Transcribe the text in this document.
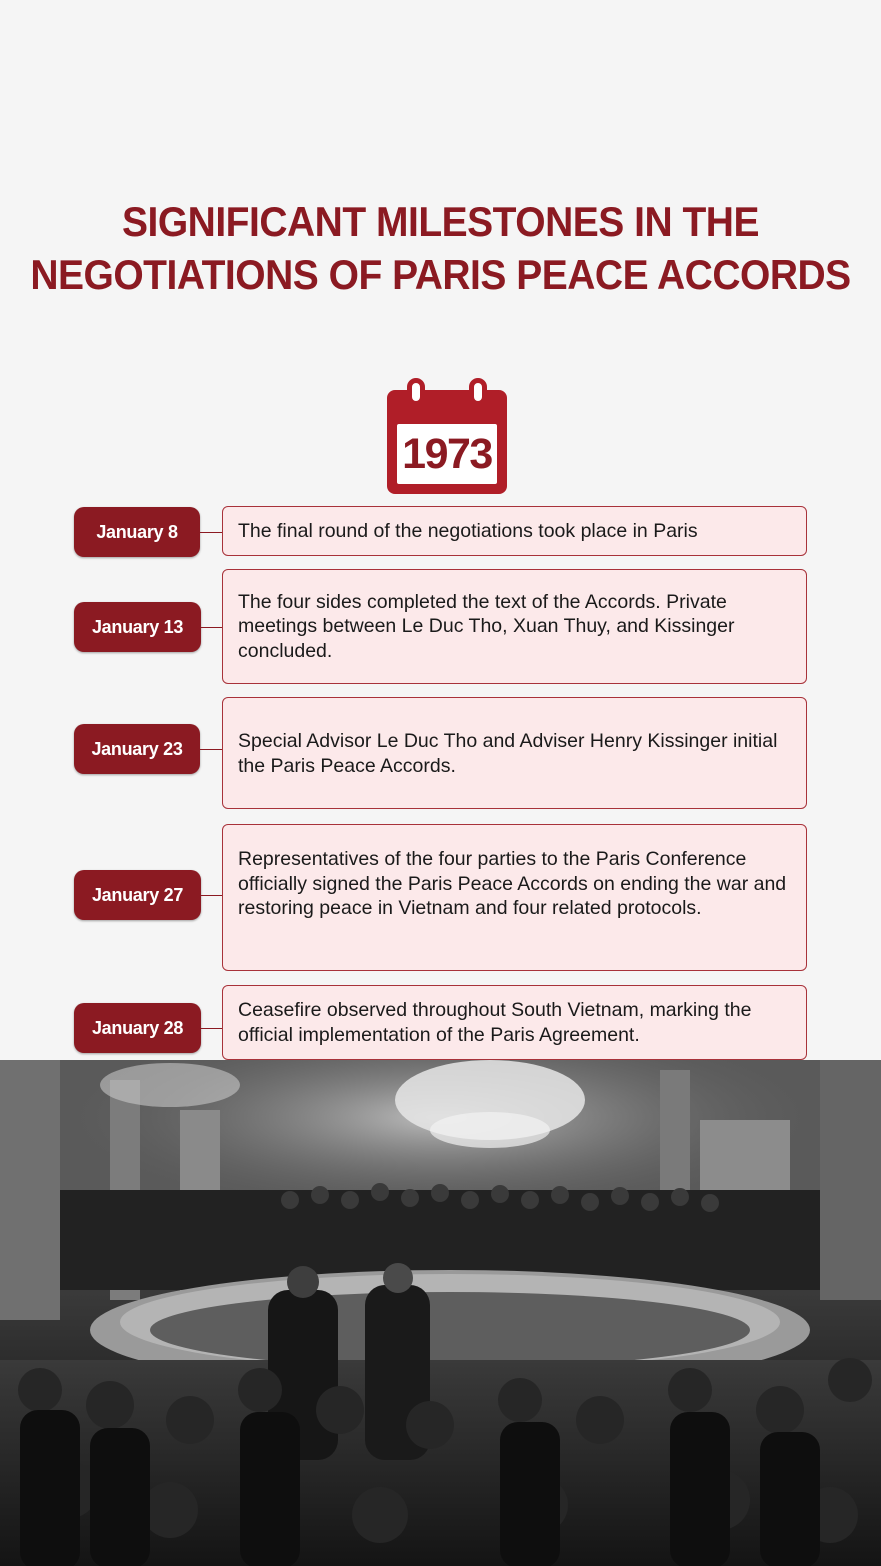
SIGNIFICANT MILESTONES IN THE
NEGOTIATIONS OF PARIS PEACE ACCORDS
1973
January 8	The final round of the negotiations took place in Paris
January 13
The four sides completed the text of the Accords. Private meetings between Le Duc Tho, Xuan Thuy, and Kissinger concluded.
January 23	Special Advisor Le Duc Tho and Adviser Henry Kissinger initial the Paris Peace Accords.
January 27
Representatives of the four parties to the Paris Conference officially signed the Paris Peace Accords on ending the war and restoring peace in Vietnam and four related protocols.
January 28
Ceasefire observed throughout South Vietnam, marking the official implementation of the Paris Agreement.
